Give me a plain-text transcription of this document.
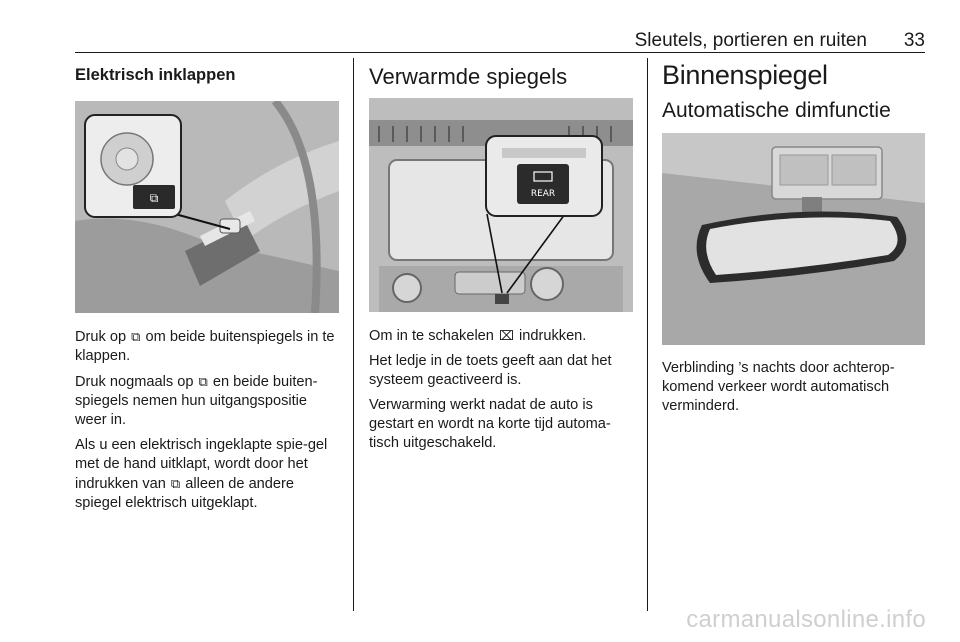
Sleutels, portieren en ruiten 33
Elektrisch inklappen
⧉

Druk op ⧉ om beide buitenspiegels in te klappen.

Druk nogmaals op ⧉ en beide buiten-spiegels nemen hun uitgangspositie weer in.

Als u een elektrisch ingeklapte spie-gel met de hand uitklapt, wordt door het indrukken van ⧉ alleen de andere spiegel elektrisch uitgeklapt.

Verwarmde spiegels
REAR

Om in te schakelen ⌧ indrukken.

Het ledje in de toets geeft aan dat het systeem geactiveerd is.

Verwarming werkt nadat de auto is gestart en wordt na korte tijd automa-tisch uitgeschakeld.

Binnenspiegel
Automatische dimfunctie

Verblinding ’s nachts door achterop-komend verkeer wordt automatisch verminderd.

carmanualsonline.info
